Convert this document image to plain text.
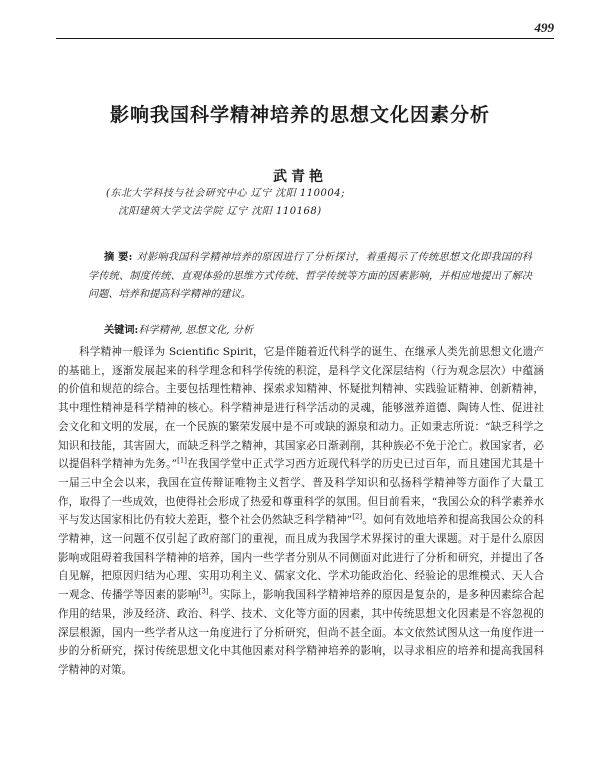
499
影响我国科学精神培养的思想文化因素分析
武青艳
(东北大学科技与社会研究中心 辽宁 沈阳 110004;
沈阳建筑大学文法学院 辽宁 沈阳 110168)
摘 要: 对影响我国科学精神培养的原因进行了分析探讨，着重揭示了传统思想文化即我国的科学传统、制度传统、直观体验的思维方式传统、哲学传统等方面的因素影响，并相应地提出了解决问题、培养和提高科学精神的建议。
关键词:科学精神, 思想文化, 分析
科学精神一般译为 Scientific Spirit，它是伴随着近代科学的诞生、在继承人类先前思想文化遗产的基础上，逐渐发展起来的科学理念和科学传统的积淀，是科学文化深层结构（行为观念层次）中蕴涵的价值和规范的综合。主要包括理性精神、探索求知精神、怀疑批判精神、实践验证精神、创新精神，其中理性精神是科学精神的核心。科学精神是进行科学活动的灵魂，能够滋养道德、陶铸人性、促进社会文化和文明的发展，在一个民族的繁荣发展中是不可或缺的源泉和动力。正如秉志所说：“缺乏科学之知识和技能，其害固大，而缺乏科学之精神，其国家必日渐剥削，其种族必不免于沦亡。救国家者，必以提倡科学精神为先务。”[1]在我国学堂中正式学习西方近现代科学的历史已过百年，而且建国尤其是十一届三中全会以来，我国在宣传辩证唯物主义哲学、普及科学知识和弘扬科学精神等方面作了大量工作，取得了一些成效，也使得社会形成了热爱和尊重科学的氛围。但目前看来，“我国公众的科学素养水平与发达国家相比仍有较大差距，整个社会仍然缺乏科学精神”[2]。如何有效地培养和提高我国公众的科学精神，这一问题不仅引起了政府部门的重视，而且成为我国学术界探讨的重大课题。对于是什么原因影响或阻碍着我国科学精神的培养，国内一些学者分别从不同侧面对此进行了分析和研究，并提出了各自见解，把原因归结为心理、实用功利主义、儒家文化、学术功能政治化、经验论的思维模式、天人合一观念、传播学等因素的影响[3]。实际上，影响我国科学精神培养的原因是复杂的，是多种因素综合起作用的结果，涉及经济、政治、科学、技术、文化等方面的因素，其中传统思想文化因素是不容忽视的深层根源，国内一些学者从这一角度进行了分析研究，但尚不甚全面。本文依然试图从这一角度作进一步的分析研究，探讨传统思想文化中其他因素对科学精神培养的影响，以寻求相应的培养和提高我国科学精神的对策。
